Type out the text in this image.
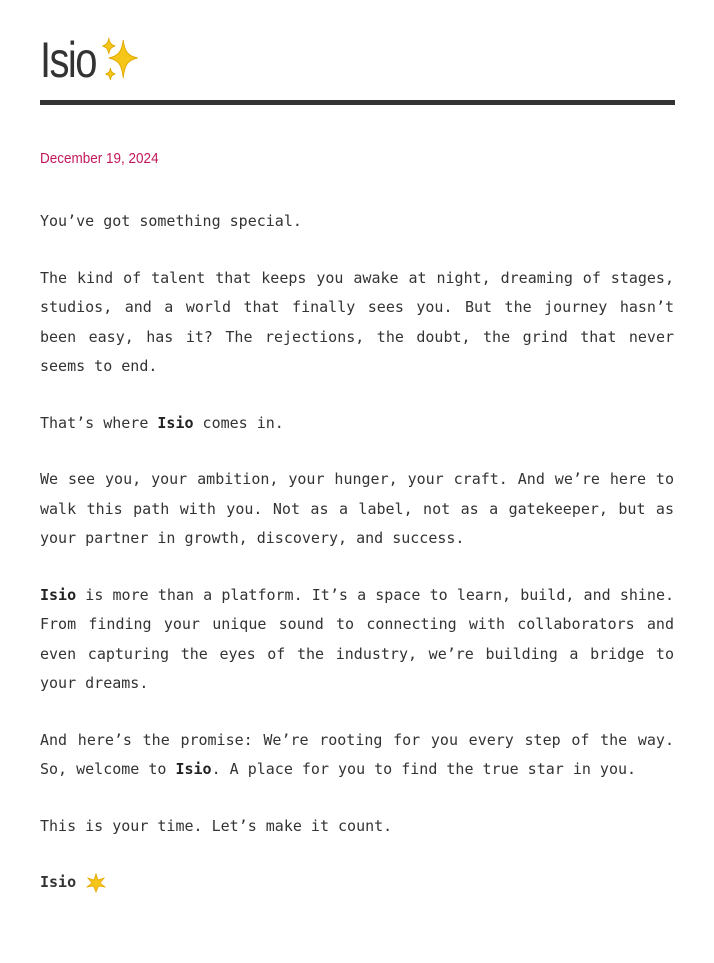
Isio
December 19, 2024

You’ve got something special.

The kind of talent that keeps you awake at night, dreaming of stages, studios, and a world that finally sees you. But the journey hasn’t been easy, has it? The rejections, the doubt, the grind that never seems to end.

That’s where Isio comes in.

We see you, your ambition, your hunger, your craft. And we’re here to walk this path with you. Not as a label, not as a gatekeeper, but as your partner in growth, discovery, and success.

Isio is more than a platform. It’s a space to learn, build, and shine. From finding your unique sound to connecting with collaborators and even capturing the eyes of the industry, we’re building a bridge to your dreams.

And here’s the promise: We’re rooting for you every step of the way. So, welcome to Isio. A place for you to find the true star in you.

This is your time. Let’s make it count.

Isio
